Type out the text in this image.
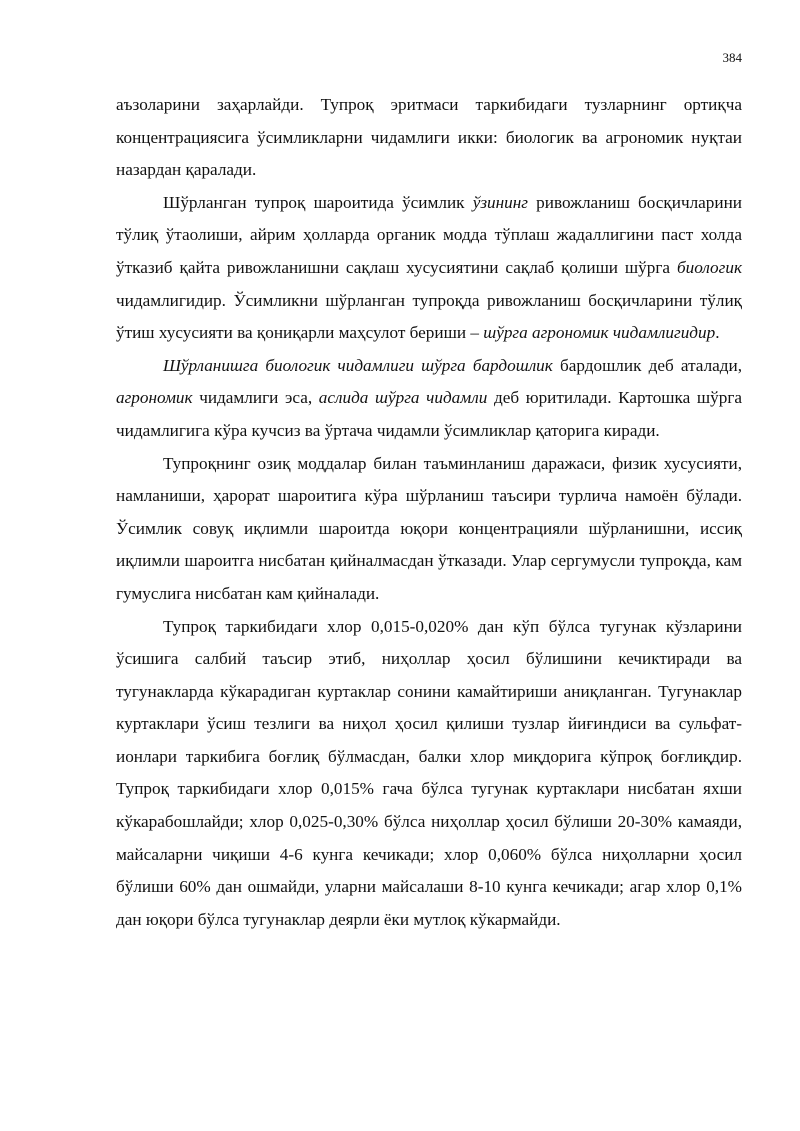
384

аъзоларини заҳарлайди. Тупроқ эритмаси таркибидаги тузларнинг ортиқча концентрациясига ўсимликларни чидамлиги икки: биологик ва агрономик нуқтаи назардан қаралади.

Шўрланган тупроқ шароитида ўсимлик ўзининг ривожланиш босқичларини тўлиқ ўтаолиши, айрим ҳолларда органик модда тўплаш жадаллигини паст холда ўтказиб қайта ривожланишни сақлаш хусусиятини сақлаб қолиши шўрга биологик чидамлигидир. Ўсимликни шўрланган тупроқда ривожланиш босқичларини тўлиқ ўтиш хусусияти ва қониқарли маҳсулот бериши – шўрга агрономик чидамлигидир.

Шўрланишга биологик чидамлиги шўрга бардошлик бардошлик деб аталади, агрономик чидамлиги эса, аслида шўрга чидамли деб юритилади. Картошка шўрга чидамлигига кўра кучсиз ва ўртача чидамли ўсимликлар қаторига киради.

Тупроқнинг озиқ моддалар билан таъминланиш даражаси, физик хусусияти, намланиши, ҳарорат шароитига кўра шўрланиш таъсири турлича намоён бўлади. Ўсимлик совуқ иқлимли шароитда юқори концентрацияли шўрланишни, иссиқ иқлимли шароитга нисбатан қийналмасдан ўтказади. Улар сергумусли тупроқда, кам гумуслига нисбатан кам қийналади.

Тупроқ таркибидаги хлор 0,015-0,020% дан кўп бўлса тугунак кўзларини ўсишига салбий таъсир этиб, ниҳоллар ҳосил бўлишини кечиктиради ва тугунакларда кўкарадиган куртаклар сонини камайтириши аниқланган. Тугунаклар куртаклари ўсиш тезлиги ва ниҳол ҳосил қилиши тузлар йиғиндиси ва сульфат-ионлари таркибига боғлиқ бўлмасдан, балки хлор миқдорига кўпроқ боғлиқдир. Тупроқ таркибидаги хлор 0,015% гача бўлса тугунак куртаклари нисбатан яхши кўкарабошлайди; хлор 0,025-0,30% бўлса ниҳоллар ҳосил бўлиши 20-30% камаяди, майсаларни чиқиши 4-6 кунга кечикади; хлор 0,060% бўлса ниҳолларни ҳосил бўлиши 60% дан ошмайди, уларни майсалаши 8-10 кунга кечикади; агар хлор 0,1% дан юқори бўлса тугунаклар деярли ёки мутлоқ кўкармайди.
